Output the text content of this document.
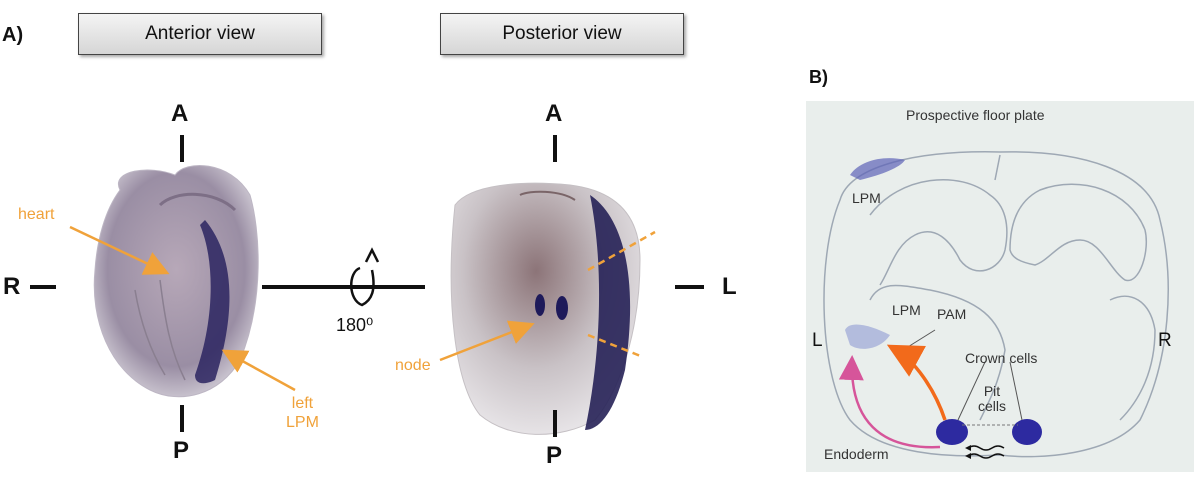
A)	Anterior view	Posterior view
A
P
R
A
P
L
180⁰
heart
left
LPM
node
B)
Prospective floor plate
LPM
LPM PAM
L	R
Crown cells
Pit
cells
Endoderm
